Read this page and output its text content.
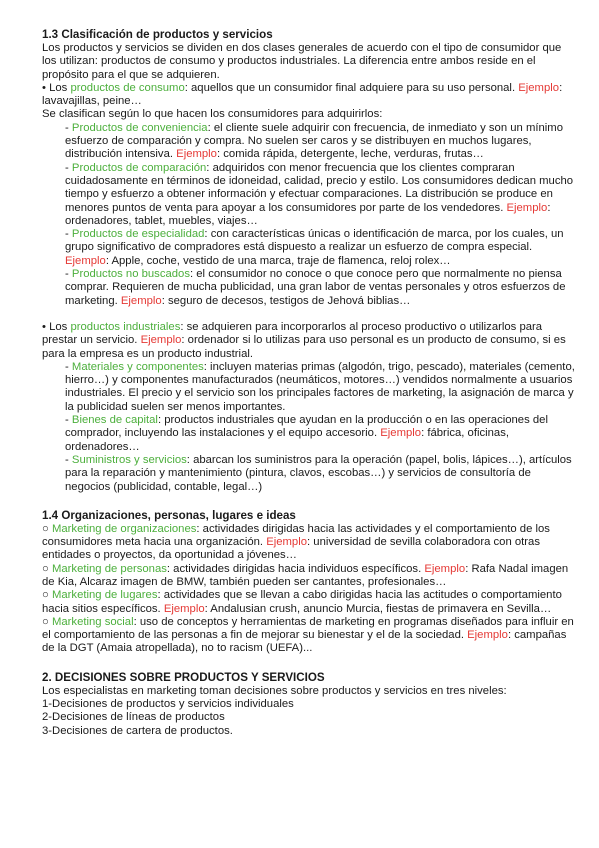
1.3 Clasificación de productos y servicios

Los productos y servicios se dividen en dos clases generales de acuerdo con el tipo de consumidor que los utilizan: productos de consumo y productos industriales. La diferencia entre ambos reside en el propósito para el que se adquieren.

• Los productos de consumo: aquellos que un consumidor final adquiere para su uso personal. Ejemplo: lavavajillas, peine…

Se clasifican según lo que hacen los consumidores para adquirirlos:

- Productos de conveniencia: el cliente suele adquirir con frecuencia, de inmediato y son un mínimo esfuerzo de comparación y compra. No suelen ser caros y se distribuyen en muchos lugares, distribución intensiva. Ejemplo: comida rápida, detergente, leche, verduras, frutas…

- Productos de comparación: adquiridos con menor frecuencia que los clientes compraran cuidadosamente en términos de idoneidad, calidad, precio y estilo. Los consumidores dedican mucho tiempo y esfuerzo a obtener información y efectuar comparaciones. La distribución se produce en menores puntos de venta para apoyar a los consumidores por parte de los vendedores. Ejemplo: ordenadores, tablet, muebles, viajes…

- Productos de especialidad: con características únicas o identificación de marca, por los cuales, un grupo significativo de compradores está dispuesto a realizar un esfuerzo de compra especial. Ejemplo: Apple, coche, vestido de una marca, traje de flamenca, reloj rolex…

- Productos no buscados: el consumidor no conoce o que conoce pero que normalmente no piensa comprar. Requieren de mucha publicidad, una gran labor de ventas personales y otros esfuerzos de marketing. Ejemplo: seguro de decesos, testigos de Jehová biblias…

• Los productos industriales: se adquieren para incorporarlos al proceso productivo o utilizarlos para prestar un servicio. Ejemplo: ordenador si lo utilizas para uso personal es un producto de consumo, si es para la empresa es un producto industrial.

- Materiales y componentes: incluyen materias primas (algodón, trigo, pescado), materiales (cemento, hierro…) y componentes manufacturados (neumáticos, motores…) vendidos normalmente a usuarios industriales. El precio y el servicio son los principales factores de marketing, la asignación de marca y la publicidad suelen ser menos importantes.

- Bienes de capital: productos industriales que ayudan en la producción o en las operaciones del comprador, incluyendo las instalaciones y el equipo accesorio. Ejemplo: fábrica, oficinas, ordenadores…

- Suministros y servicios: abarcan los suministros para la operación (papel, bolis, lápices…), artículos para la reparación y mantenimiento (pintura, clavos, escobas…) y servicios de consultoría de negocios (publicidad, contable, legal…)

1.4 Organizaciones, personas, lugares e ideas

○ Marketing de organizaciones: actividades dirigidas hacia las actividades y el comportamiento de los consumidores meta hacia una organización. Ejemplo: universidad de sevilla colaboradora con otras entidades o proyectos, da oportunidad a jóvenes…

○ Marketing de personas: actividades dirigidas hacia individuos específicos. Ejemplo: Rafa Nadal imagen de Kia, Alcaraz imagen de BMW, también pueden ser cantantes, profesionales…

○ Marketing de lugares: actividades que se llevan a cabo dirigidas hacia las actitudes o comportamiento hacia sitios específicos. Ejemplo: Andalusian crush, anuncio Murcia, fiestas de primavera en Sevilla…

○ Marketing social: uso de conceptos y herramientas de marketing en programas diseñados para influir en el comportamiento de las personas a fin de mejorar su bienestar y el de la sociedad. Ejemplo: campañas de la DGT (Amaia atropellada), no to racism (UEFA)...

2. DECISIONES SOBRE PRODUCTOS Y SERVICIOS

Los especialistas en marketing toman decisiones sobre productos y servicios en tres niveles:

1-Decisiones de productos y servicios individuales

2-Decisiones de líneas de productos

3-Decisiones de cartera de productos.
